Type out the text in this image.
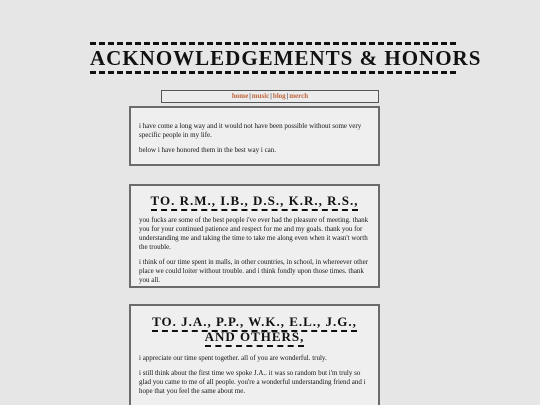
ACKNOWLEDGEMENTS & HONORS
home|music|blog|merch

i have come a long way and it would not have been possible without some very specific people in my life.

below i have honored them in the best way i can.

TO. R.M., I.B., D.S., K.R., R.S.,

you fucks are some of the best people i've ever had the pleasure of meeting. thank you for your continued patience and respect for me and my goals. thank you for understanding me and taking the time to take me along even when it wasn't worth the trouble.

i think of our time spent in malls, in other countries, in school, in whereever other place we could loiter without trouble. and i think fondly upon those times. thank you all.

TO. J.A., P.P., W.K., E.L., J.G.,
AND OTHERS,

i appreciate our time spent together. all of you are wonderful. truly.

i still think about the first time we spoke J.A.. it was so random but i'm truly so glad you came to me of all people. you're a wonderful understanding friend and i hope that you feel the same about me.
